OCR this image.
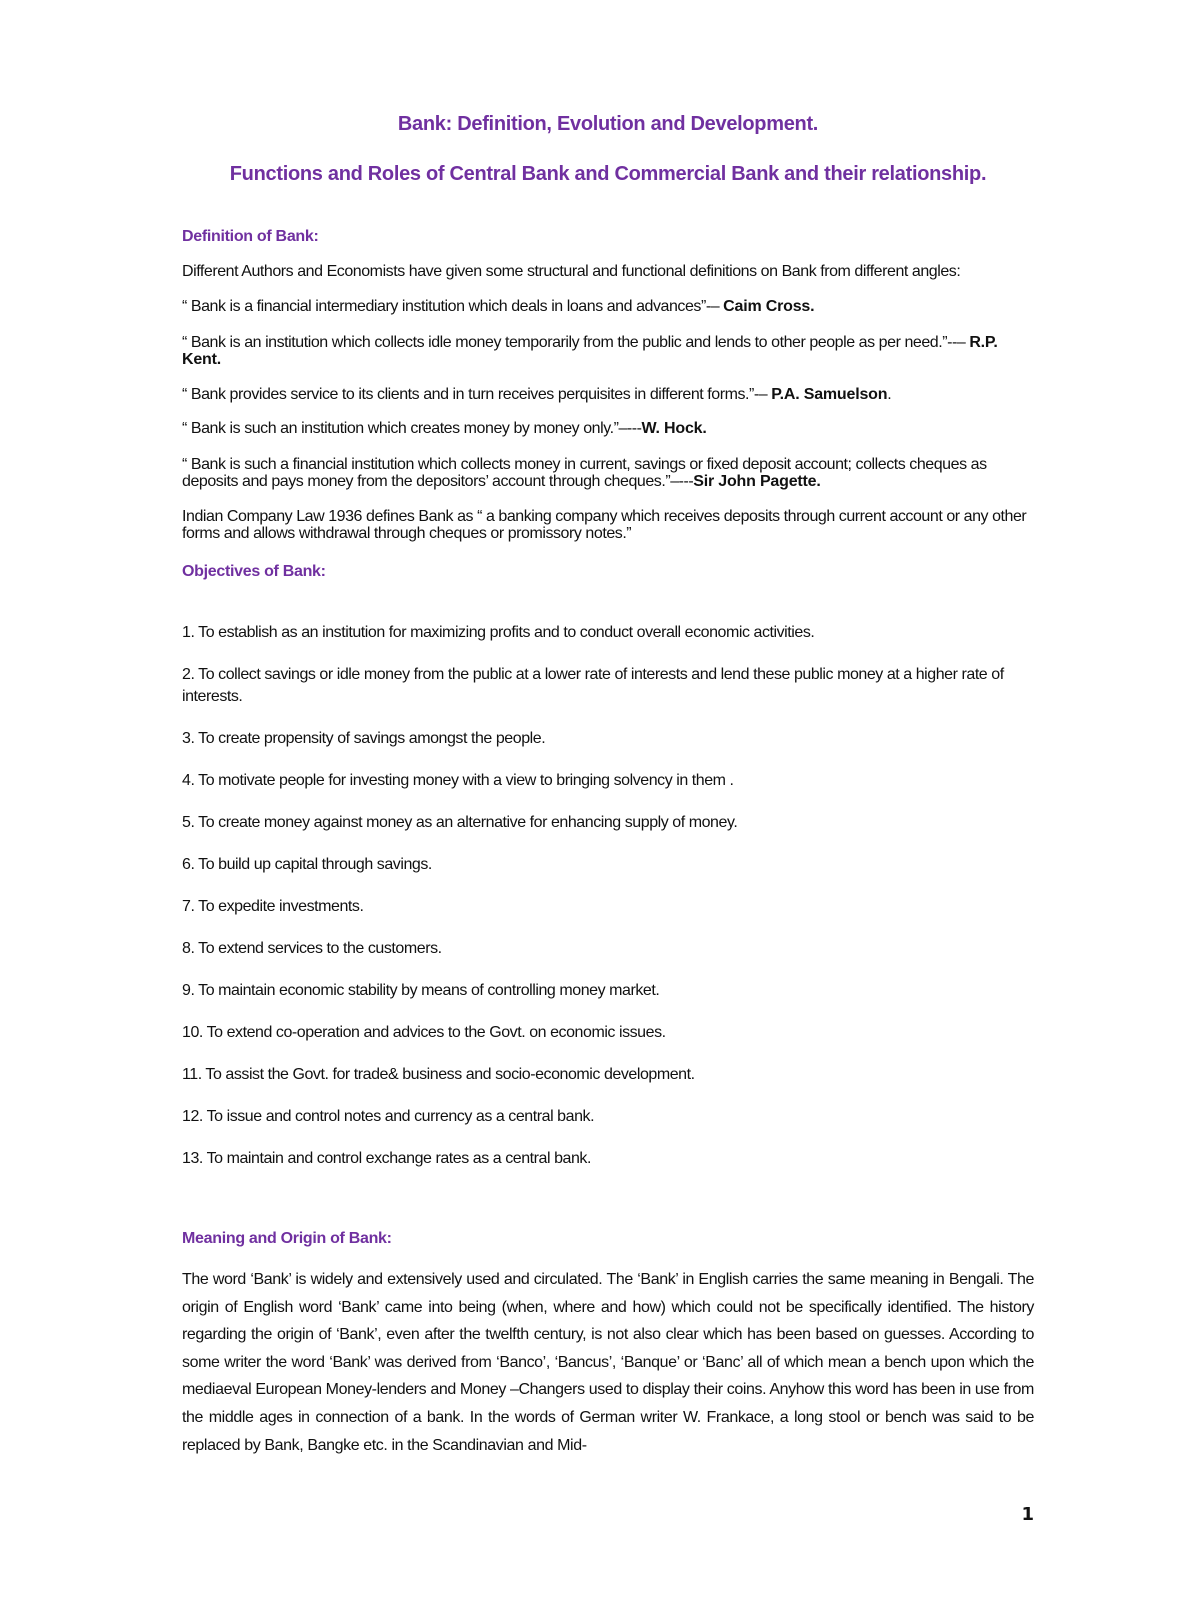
Bank: Definition, Evolution and Development.
Functions and Roles of Central Bank and Commercial Bank and their relationship.
Definition of Bank:

Different Authors and Economists have given some structural and functional definitions on Bank from different angles:

“ Bank is a financial intermediary institution which deals in loans and advances”-– Caim Cross.

“ Bank is an institution which collects idle money temporarily from the public and lends to other people as per need.”--– R.P. Kent.

“ Bank provides service to its clients and in turn receives perquisites in different forms.”-– P.A. Samuelson.

“ Bank is such an institution which creates money by money only.”–---W. Hock.

“ Bank is such a financial institution which collects money in current, savings or fixed deposit account; collects cheques as deposits and pays money from the depositors’ account through cheques.”–---Sir John Pagette.

Indian Company Law 1936 defines Bank as “ a banking company which receives deposits through current account or any other forms and allows withdrawal through cheques or promissory notes.”

Objectives of Bank:
1. To establish as an institution for maximizing profits and to conduct overall economic activities.
2. To collect savings or idle money from the public at a lower rate of interests and lend these public money at a higher rate of interests.
3. To create propensity of savings amongst the people.
4. To motivate people for investing money with a view to bringing solvency in them .
5. To create money against money as an alternative for enhancing supply of money.
6. To build up capital through savings.
7. To expedite investments.
8. To extend services to the customers.
9. To maintain economic stability by means of controlling money market.
10. To extend co-operation and advices to the Govt. on economic issues.
11. To assist the Govt. for trade& business and socio-economic development.
12. To issue and control notes and currency as a central bank.
13. To maintain and control exchange rates as a central bank.
Meaning and Origin of Bank:

The word ‘Bank’ is widely and extensively used and circulated. The ‘Bank’ in English carries the same meaning in Bengali. The origin of English word ‘Bank’ came into being (when, where and how) which could not be specifically identified. The history regarding the origin of ‘Bank’, even after the twelfth century, is not also clear which has been based on guesses. According to some writer the word ‘Bank’ was derived from ‘Banco’, ‘Bancus’, ‘Banque’ or ‘Banc’ all of which mean a bench upon which the mediaeval European Money-lenders and Money –Changers used to display their coins. Anyhow this word has been in use from the middle ages in connection of a bank. In the words of German writer W. Frankace, a long stool or bench was said to be replaced by Bank, Bangke etc. in the Scandinavian and Mid-

1
